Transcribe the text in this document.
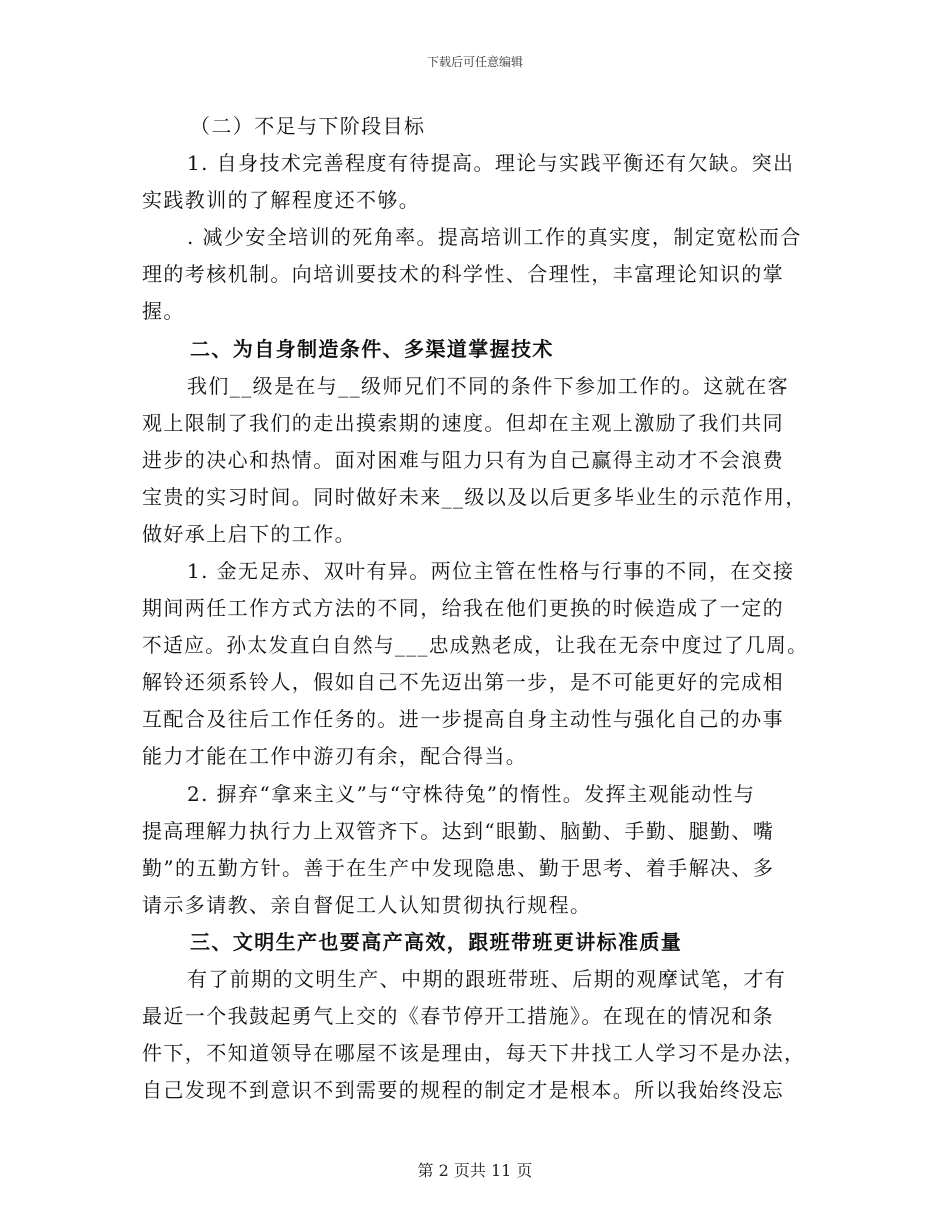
下载后可任意编辑
（二）不足与下阶段目标
1. 自身技术完善程度有待提高。理论与实践平衡还有欠缺。突出
实践教训的了解程度还不够。
. 减少安全培训的死角率。提高培训工作的真实度，制定宽松而合
理的考核机制。向培训要技术的科学性、合理性，丰富理论知识的掌
握。
二、为自身制造条件、多渠道掌握技术
我们__级是在与__级师兄们不同的条件下参加工作的。这就在客
观上限制了我们的走出摸索期的速度。但却在主观上激励了我们共同
进步的决心和热情。面对困难与阻力只有为自己赢得主动才不会浪费
宝贵的实习时间。同时做好未来__级以及以后更多毕业生的示范作用，
做好承上启下的工作。
1. 金无足赤、双叶有异。两位主管在性格与行事的不同，在交接
期间两任工作方式方法的不同，给我在他们更换的时候造成了一定的
不适应。孙太发直白自然与___忠成熟老成，让我在无奈中度过了几周。
解铃还须系铃人，假如自己不先迈出第一步，是不可能更好的完成相
互配合及往后工作任务的。进一步提高自身主动性与强化自己的办事
能力才能在工作中游刃有余，配合得当。
2. 摒弃“拿来主义”与“守株待兔”的惰性。发挥主观能动性与
提高理解力执行力上双管齐下。达到“眼勤、脑勤、手勤、腿勤、嘴
勤”的五勤方针。善于在生产中发现隐患、勤于思考、着手解决、多
请示多请教、亲自督促工人认知贯彻执行规程。
三、文明生产也要高产高效，跟班带班更讲标准质量
有了前期的文明生产、中期的跟班带班、后期的观摩试笔，才有
最近一个我鼓起勇气上交的《春节停开工措施》。在现在的情况和条
件下，不知道领导在哪屋不该是理由，每天下井找工人学习不是办法，
自己发现不到意识不到需要的规程的制定才是根本。所以我始终没忘
第 2 页共 11 页
